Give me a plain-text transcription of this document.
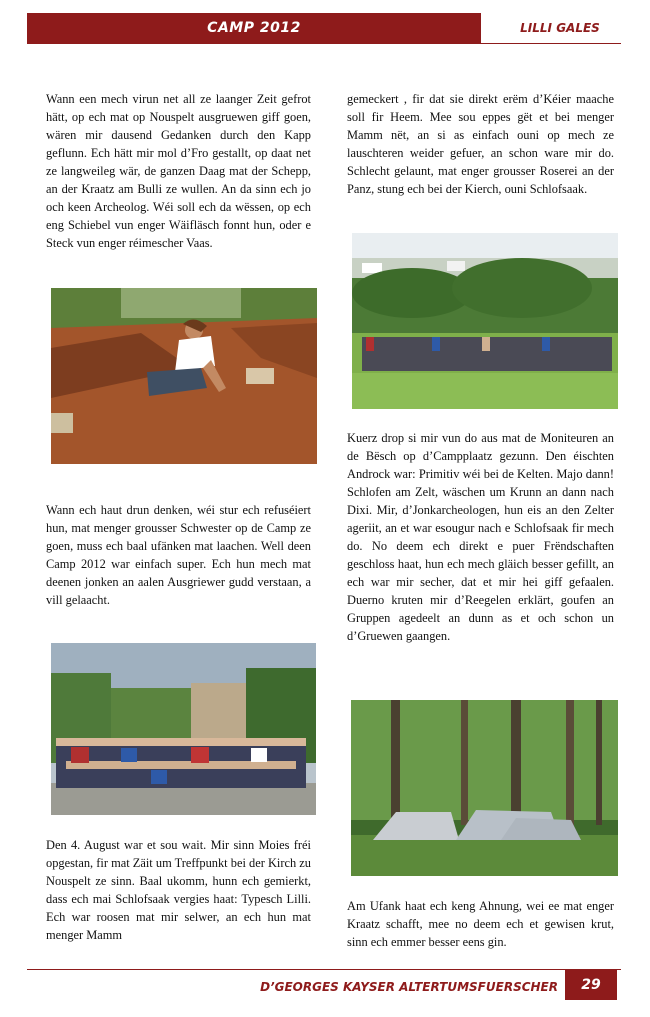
CAMP 2012	LILLI GALES

Wann een mech virun net all ze laanger Zeit gefrot hätt, op ech mat op Nouspelt ausgruewen giff goen, wären mir dausend Gedanken durch den Kapp geflunn. Ech hätt mir mol d’Fro gestallt, op daat net ze langweileg wär, de ganzen Daag mat der Schepp, an der Kraatz am Bulli ze wullen. An da sinn ech jo och keen Archeolog. Wéi soll ech da wëssen, op ech eng Schiebel vun enger Wäifläsch fonnt hun, oder e Steck vun enger réimescher Vaas.

Wann ech haut drun denken, wéi stur ech refuséiert hun, mat menger grousser Schwester op de Camp ze goen, muss ech baal ufänken mat laachen. Well deen Camp 2012 war einfach super. Ech hun mech mat deenen jonken an aalen Ausgriewer gudd verstaan, a vill gelaacht.

Den 4. August war et sou wait. Mir sinn Moies fréi opgestan, fir mat Zäit um Treffpunkt bei der Kirch zu Nouspelt ze sinn. Baal ukomm, hunn ech gemierkt, dass ech mai Schlofsaak vergies haat: Typesch Lilli. Ech war roosen mat mir selwer, an ech hun mat menger Mamm

gemeckert , fir dat sie direkt erëm d’Kéier maache soll fir Heem. Mee sou eppes gët et bei menger Mamm nët, an si as einfach ouni op mech ze lauschteren weider gefuer, an schon ware mir do. Schlecht gelaunt, mat enger grousser Roserei an der Panz, stung ech bei der Kierch, ouni Schlofsaak.

Kuerz drop si mir vun do aus mat de Moniteuren an de Bësch op d’Campplaatz gezunn. Den éischten Androck war: Primitiv wéi bei de Kelten. Majo dann! Schlofen am Zelt, wäschen um Krunn an dann nach Dixi. Mir, d’Jonkarcheologen, hun eis an den Zelter ageriit, an et war esougur nach e Schlofsaak fir mech do. No deem ech direkt e puer Frëndschaften geschloss haat, hun ech mech gläich besser gefillt, an ech war mir secher, dat et mir hei giff gefaalen. Duerno kruten mir d’Reegelen erklärt, goufen an Gruppen agedeelt an dunn as et och schon un d’Gruewen gaangen.

Am Ufank haat ech keng Ahnung, wei ee mat enger Kraatz schafft, mee no deem ech et gewisen krut, sinn ech emmer besser eens gin.

D’GEORGES KAYSER ALTERTUMSFUERSCHER	29
